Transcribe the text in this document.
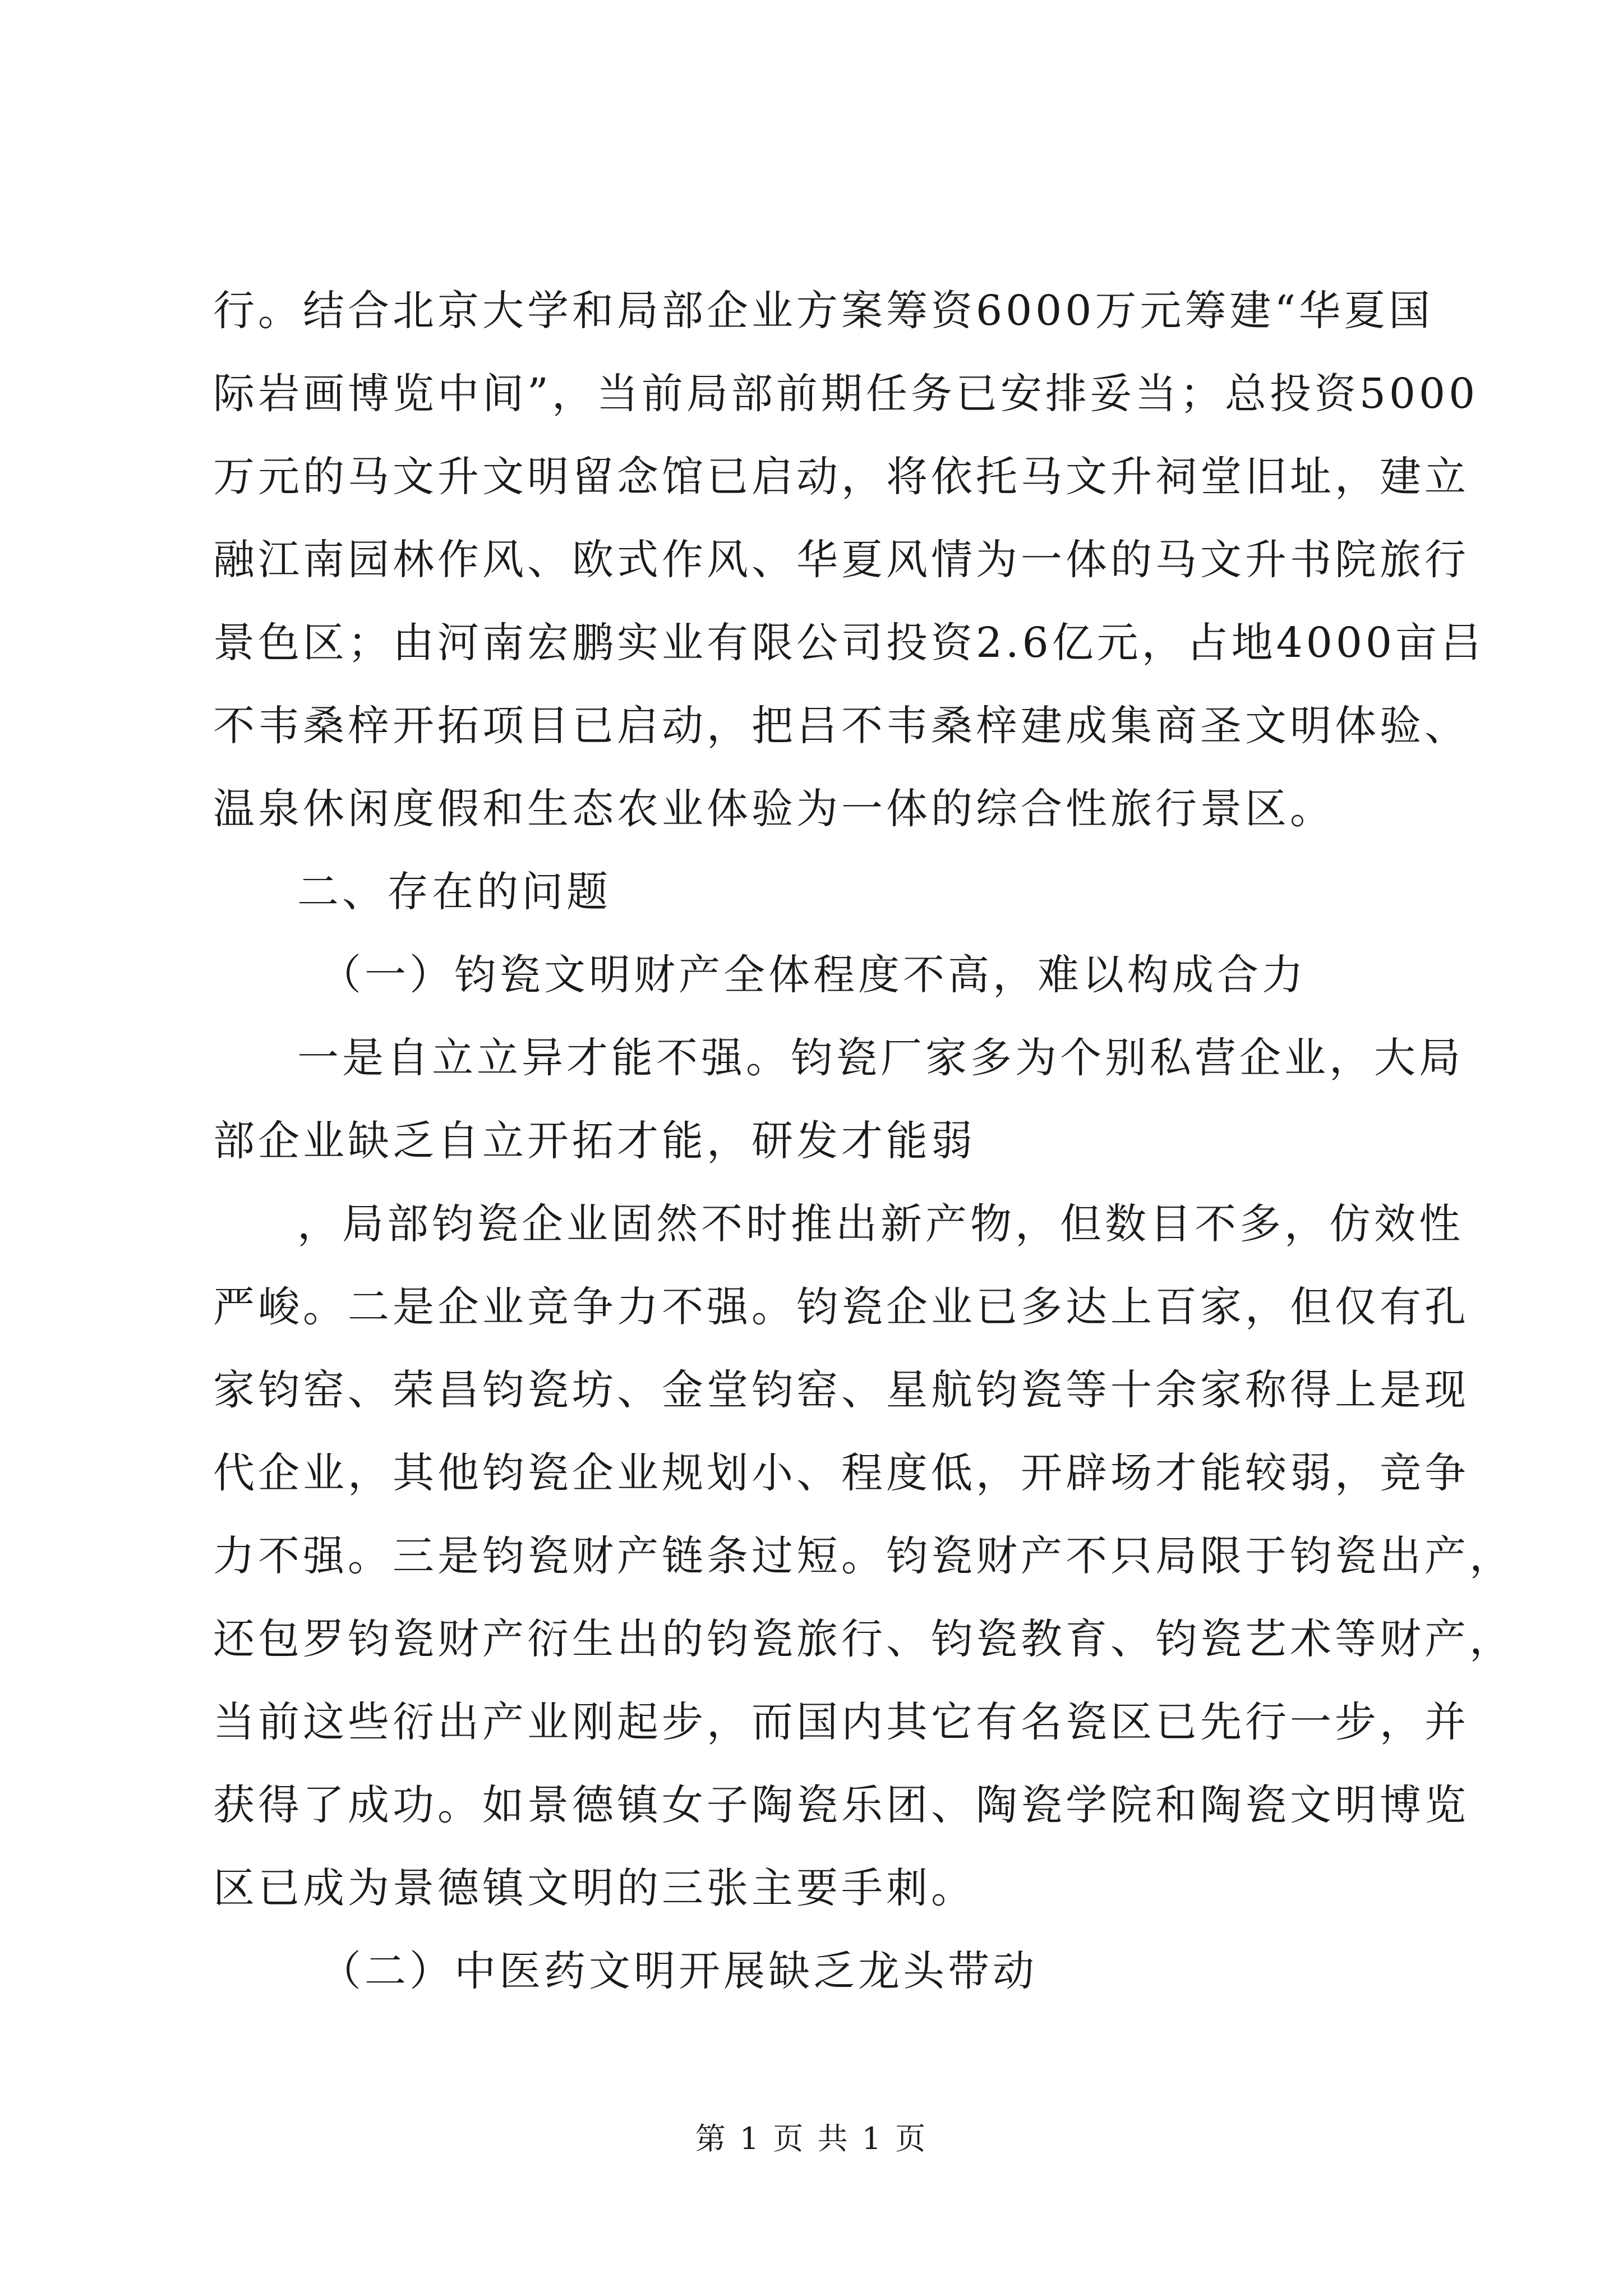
行。结合北京大学和局部企业方案筹资6000万元筹建“华夏国
际岩画博览中间”，当前局部前期任务已安排妥当；总投资5000
万元的马文升文明留念馆已启动，将依托马文升祠堂旧址，建立
融江南园林作风、欧式作风、华夏风情为一体的马文升书院旅行
景色区；由河南宏鹏实业有限公司投资2.6亿元，占地4000亩吕
不韦桑梓开拓项目已启动，把吕不韦桑梓建成集商圣文明体验、
温泉休闲度假和生态农业体验为一体的综合性旅行景区。
二、存在的问题
（一）钧瓷文明财产全体程度不高，难以构成合力
一是自立立异才能不强。钧瓷厂家多为个别私营企业，大局
部企业缺乏自立开拓才能，研发才能弱
，局部钧瓷企业固然不时推出新产物，但数目不多，仿效性
严峻。二是企业竞争力不强。钧瓷企业已多达上百家，但仅有孔
家钧窑、荣昌钧瓷坊、金堂钧窑、星航钧瓷等十余家称得上是现
代企业，其他钧瓷企业规划小、程度低，开辟场才能较弱，竞争
力不强。三是钧瓷财产链条过短。钧瓷财产不只局限于钧瓷出产，
还包罗钧瓷财产衍生出的钧瓷旅行、钧瓷教育、钧瓷艺术等财产，
当前这些衍出产业刚起步，而国内其它有名瓷区已先行一步，并
获得了成功。如景德镇女子陶瓷乐团、陶瓷学院和陶瓷文明博览
区已成为景德镇文明的三张主要手刺。
（二）中医药文明开展缺乏龙头带动
第 1 页 共 1 页
